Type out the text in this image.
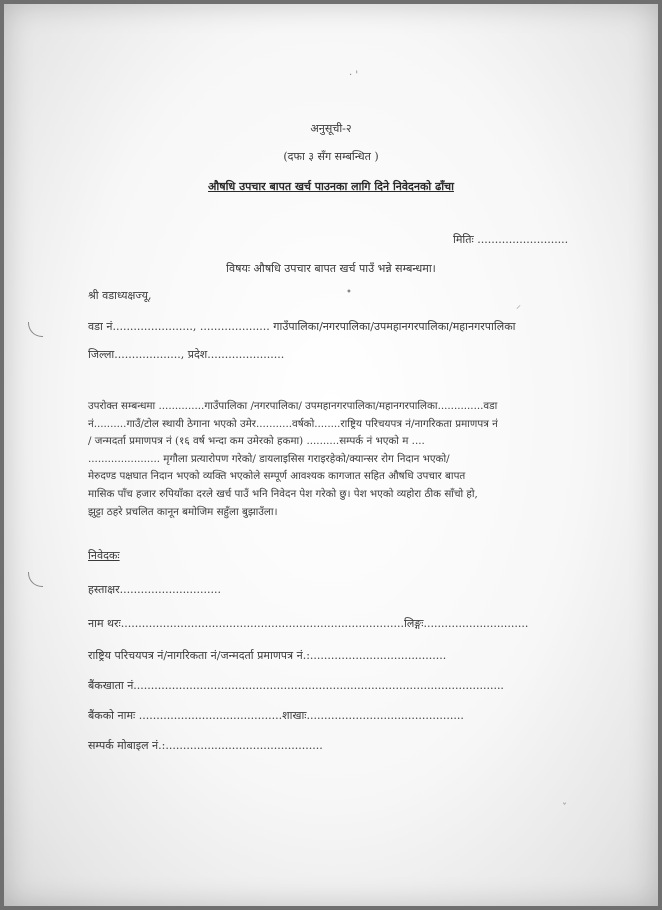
· '
अनुसूची-२
(दफा ३ सँग सम्बन्धित )
औषधि उपचार बापत खर्च पाउनका लागि दिने निवेदनको ढाँचा
मितिः ..........................
विषयः औषधि उपचार बापत खर्च पाउँ भन्ने सम्बन्धमा।
श्री वडाध्यक्षज्यू,	•
⸝
वडा नं......................., .................... गाउँपालिका/नगरपालिका/उपमहानगरपालिका/महानगरपालिका
जिल्ला..................., प्रदेश......................
उपरोक्त सम्बन्धमा ..............गाउँपालिका /नगरपालिका/ उपमहानगरपालिका/महानगरपालिका..............वडा
नं..........गाउँ/टोल स्थायी ठेगाना भएको उमेर...........वर्षको........राष्ट्रिय परिचयपत्र नं/नागरिकता प्रमाणपत्र नं
/ जन्मदर्ता प्रमाणपत्र नं (१६ वर्ष भन्दा कम उमेरको हकमा) ..........सम्पर्क नं भएको म ....
...................... मृगौला प्रत्यारोपण गरेको/ डायलाइसिस गराइरहेको/क्यान्सर रोग निदान भएको/
मेरुदण्ड पक्षघात निदान भएको व्यक्ति भएकोले सम्पूर्ण आवश्यक कागजात सहित औषधि उपचार बापत
मासिक पाँच हजार रुपियाँका दरले खर्च पाउँ भनि निवेदन पेश गरेको छु। पेश भएको व्यहोरा ठीक साँचो हो,
झुट्टा ठहरे प्रचलित कानून बमोजिम सहुँला बुझाउँला।
निवेदकः
हस्ताक्षर.............................
नाम थरः.................................................................................लिङ्गः..............................
राष्ट्रिय परिचयपत्र नं/नागरिकता नं/जन्मदर्ता प्रमाणपत्र नं.:.......................................
बैंकखाता नं..........................................................................................................
बैंकको नामः .........................................शाखाः.............................................
सम्पर्क मोबाइल नं.:.............................................
ˇ
